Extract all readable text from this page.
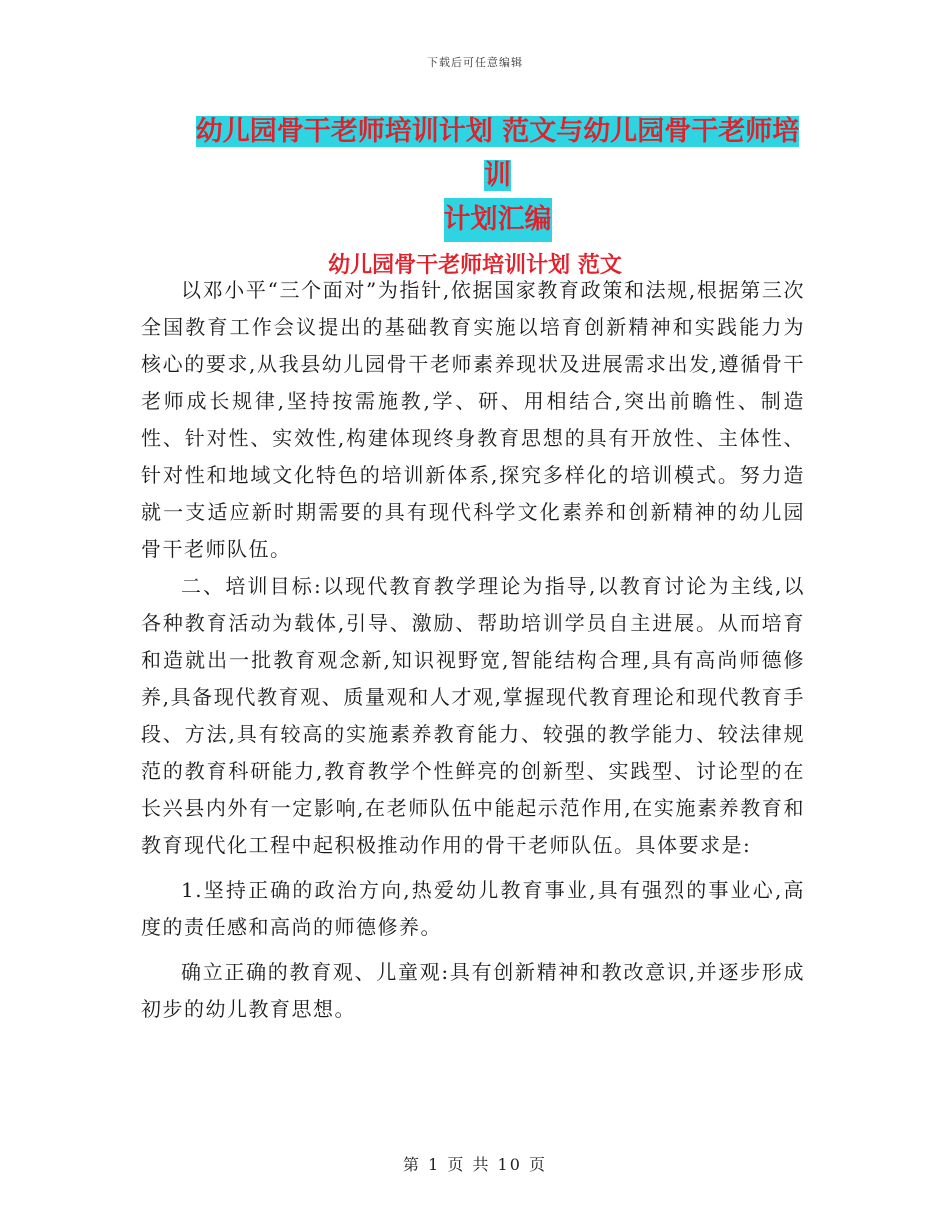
下载后可任意编辑
幼儿园骨干老师培训计划 范文与幼儿园骨干老师培训
计划汇编
幼儿园骨干老师培训计划 范文

以邓小平“三个面对”为指针,依据国家教育政策和法规,根据第三次全国教育工作会议提出的基础教育实施以培育创新精神和实践能力为核心的要求,从我县幼儿园骨干老师素养现状及进展需求出发,遵循骨干老师成长规律,坚持按需施教,学、研、用相结合,突出前瞻性、制造性、针对性、实效性,构建体现终身教育思想的具有开放性、主体性、针对性和地域文化特色的培训新体系,探究多样化的培训模式。努力造就一支适应新时期需要的具有现代科学文化素养和创新精神的幼儿园骨干老师队伍。

二、培训目标:以现代教育教学理论为指导,以教育讨论为主线,以各种教育活动为载体,引导、激励、帮助培训学员自主进展。从而培育和造就出一批教育观念新,知识视野宽,智能结构合理,具有高尚师德修养,具备现代教育观、质量观和人才观,掌握现代教育理论和现代教育手段、方法,具有较高的实施素养教育能力、较强的教学能力、较法律规范的教育科研能力,教育教学个性鲜亮的创新型、实践型、讨论型的在长兴县内外有一定影响,在老师队伍中能起示范作用,在实施素养教育和教育现代化工程中起积极推动作用的骨干老师队伍。具体要求是:

1.坚持正确的政治方向,热爱幼儿教育事业,具有强烈的事业心,高度的责任感和高尚的师德修养。

确立正确的教育观、儿童观:具有创新精神和教改意识,并逐步形成初步的幼儿教育思想。

第 1 页 共 10 页
